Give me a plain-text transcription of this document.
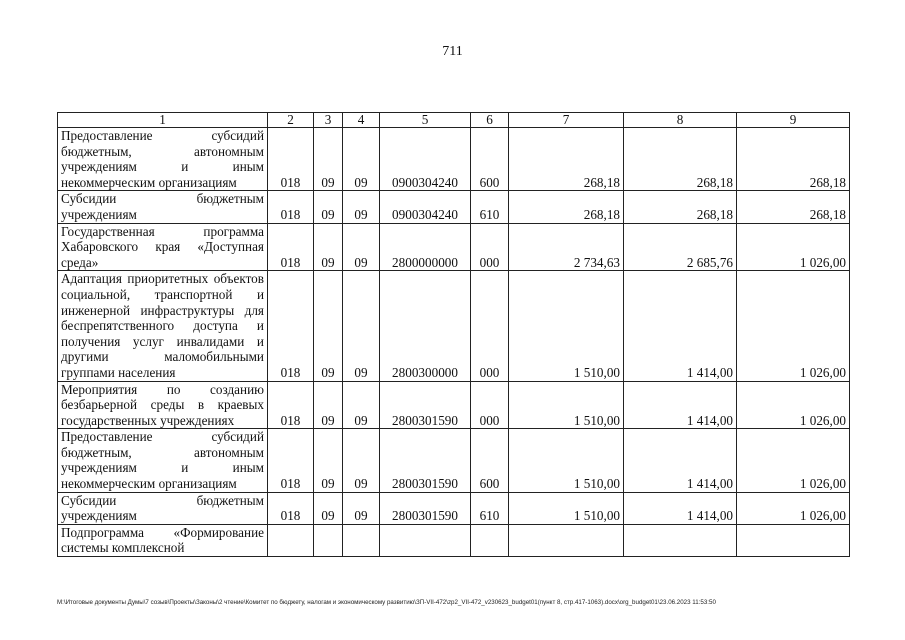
711
1	2	3	4	5	6	7	8	9
Предоставление субсидий бюджетным, автономным учреждениям и иным некоммерческим организациям	018	09	09	0900304240	600	268,18	268,18	268,18
Субсидии бюджетным учреждениям	018	09	09	0900304240	610	268,18	268,18	268,18
Государственная программа Хабаровского края «Доступная среда»	018	09	09	2800000000	000	2 734,63	2 685,76	1 026,00
Адаптация приоритетных объектов социальной, транспортной и инженерной инфраструктуры для беспрепятственного доступа и получения услуг инвалидами и другими маломобильными группами населения	018	09	09	2800300000	000	1 510,00	1 414,00	1 026,00
Мероприятия по созданию безбарьерной среды в краевых государственных учреждениях	018	09	09	2800301590	000	1 510,00	1 414,00	1 026,00
Предоставление субсидий бюджетным, автономным учреждениям и иным некоммерческим организациям	018	09	09	2800301590	600	1 510,00	1 414,00	1 026,00
Субсидии бюджетным учреждениям	018	09	09	2800301590	610	1 510,00	1 414,00	1 026,00
Подпрограмма «Формирование системы комплексной								
M:\Итоговые документы Думы\7 созыв\Проекты\Законы\2 чтение\Комитет по бюджету, налогам и экономическому развитию\ЗП-VII-472\zp2_VII-472_v230623_budget01(пункт 8, стр.417-1063).docx\org_budget01\23.06.2023 11:53:50
